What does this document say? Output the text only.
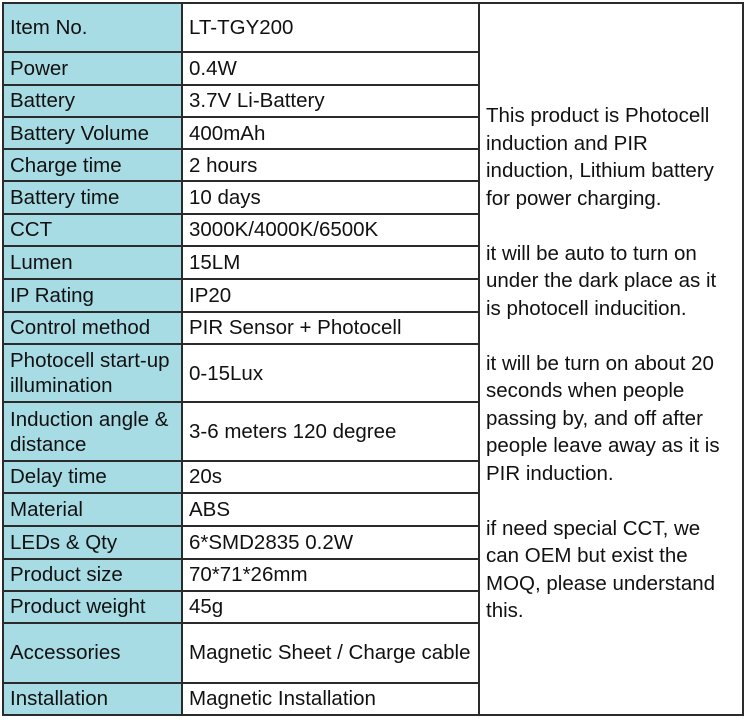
Item No.	LT-TGY200	This product is Photocell induction and PIR induction, Lithium battery for power charging.

it will be auto to turn on under the dark place as it is photocell inducition.

it will be turn on about 20 seconds when people passing by, and off after people leave away as it is PIR induction.

if need special CCT, we can OEM but exist the MOQ, please understand this.

Power	0.4W	
Battery	3.7V Li-Battery	
Battery Volume	400mAh	
Charge time	2 hours	
Battery time	10 days	
CCT	3000K/4000K/6500K	
Lumen	15LM	
IP Rating	IP20	
Control method	PIR Sensor + Photocell	
Photocell start-up illumination	0-15Lux	
Induction angle & distance	3-6 meters 120 degree	
Delay time	20s	
Material	ABS	
LEDs & Qty	6*SMD2835 0.2W	
Product size	70*71*26mm	
Product weight	45g	
Accessories	Magnetic Sheet / Charge cable	
Installation	Magnetic Installation	
